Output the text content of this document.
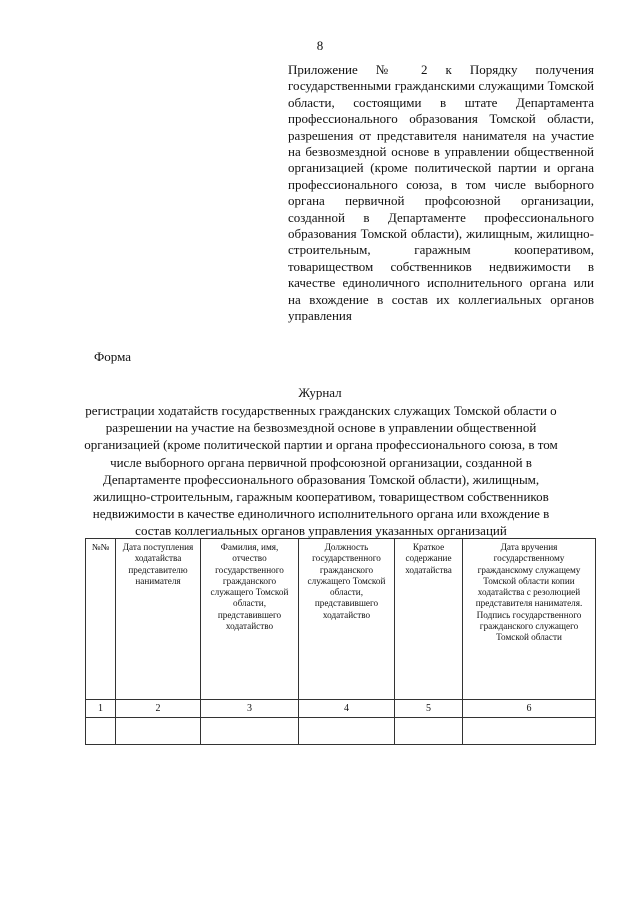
8
Приложение № 2 к Порядку получения государственными гражданскими служащими Томской области, состоящими в штате Департамента профессионального образования Томской области, разрешения от представителя нанимателя на участие на безвозмездной основе в управлении общественной организацией (кроме политической партии и органа профессионального союза, в том числе выборного органа первичной профсоюзной организации, созданной в Департаменте профессионального образования Томской области), жилищным, жилищно-строительным, гаражным кооперативом, товариществом собственников недвижимости в качестве единоличного исполнительного органа или на вхождение в состав их коллегиальных органов управления
Форма
Журнал
регистрации ходатайств государственных гражданских служащих Томской области о разрешении на участие на безвозмездной основе в управлении общественной организацией (кроме политической партии и органа профессионального союза, в том числе выборного органа первичной профсоюзной организации, созданной в Департаменте профессионального образования Томской области), жилищным, жилищно-строительным, гаражным кооперативом, товариществом собственников недвижимости в качестве единоличного исполнительного органа или вхождение в состав коллегиальных органов управления указанных организаций
№№	Дата поступления ходатайства представителю нанимателя	Фамилия, имя, отчество государственного гражданского служащего Томской области, представившего ходатайство	Должность государственного гражданского служащего Томской области, представившего ходатайство	Краткое содержание ходатайства	Дата вручения государственному гражданскому служащему Томской области копии ходатайства с резолюцией представителя нанимателя. Подпись государственного гражданского служащего Томской области
1	2	3	4	5	6
